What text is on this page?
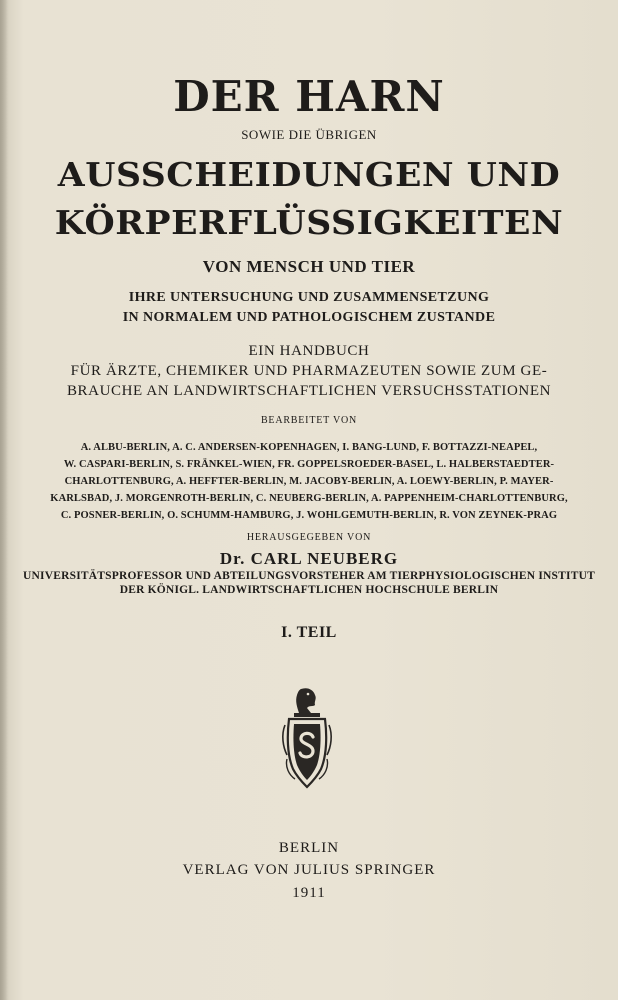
DER HARN
SOWIE DIE ÜBRIGEN
AUSSCHEIDUNGEN UND
KÖRPERFLÜSSIGKEITEN
VON MENSCH UND TIER
IHRE UNTERSUCHUNG UND ZUSAMMENSETZUNG
IN NORMALEM UND PATHOLOGISCHEM ZUSTANDE
EIN HANDBUCH
FÜR ÄRZTE, CHEMIKER UND PHARMAZEUTEN SOWIE ZUM GE-
BRAUCHE AN LANDWIRTSCHAFTLICHEN VERSUCHSSTATIONEN
BEARBEITET VON
A. ALBU-BERLIN, A. C. ANDERSEN-KOPENHAGEN, I. BANG-LUND, F. BOTTAZZI-NEAPEL,
W. CASPARI-BERLIN, S. FRÄNKEL-WIEN, FR. GOPPELSROEDER-BASEL, L. HALBERSTAEDTER-
CHARLOTTENBURG, A. HEFFTER-BERLIN, M. JACOBY-BERLIN, A. LOEWY-BERLIN, P. MAYER-
KARLSBAD, J. MORGENROTH-BERLIN, C. NEUBERG-BERLIN, A. PAPPENHEIM-CHARLOTTENBURG,
C. POSNER-BERLIN, O. SCHUMM-HAMBURG, J. WOHLGEMUTH-BERLIN, R. VON ZEYNEK-PRAG
HERAUSGEGEBEN VON
Dr. CARL NEUBERG
UNIVERSITÄTSPROFESSOR UND ABTEILUNGSVORSTEHER AM TIERPHYSIOLOGISCHEN INSTITUT
DER KÖNIGL. LANDWIRTSCHAFTLICHEN HOCHSCHULE BERLIN
I. TEIL
BERLIN
VERLAG VON JULIUS SPRINGER
1911
